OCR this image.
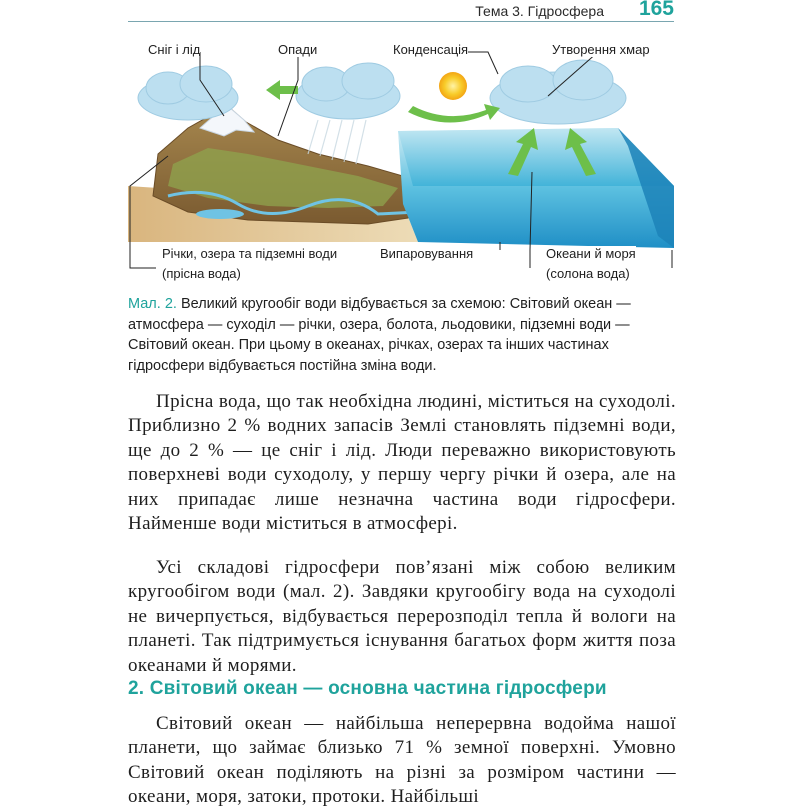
Тема 3. Гідросфера 165
Сніг і лід	Опади	Конденсація	Утворення хмар
Річки, озера та підземні води
(прісна вода)
Випаровування	Океани й моря
(солона вода)
Мал. 2. Великий кругообіг води відбувається за схемою: Світовий океан — атмосфера — суходіл — річки, озера, болота, льодовики, підземні води — Світовий океан. При цьому в океанах, річках, озерах та інших частинах гідросфери відбувається постійна зміна води.

Прісна вода, що так необхідна людині, міститься на суходолі. Приблизно 2 % водних запасів Землі становлять підземні води, ще до 2 % — це сніг і лід. Люди переважно використовують поверхневі води суходолу, у першу чергу річки й озера, але на них припадає лише незначна частина води гідросфери. Найменше води міститься в атмосфері.

Усі складові гідросфери пов’язані між собою великим кругообігом води (мал. 2). Завдяки кругообігу вода на суходолі не вичерпується, відбувається перерозподіл тепла й вологи на планеті. Так підтримується існування багатьох форм життя поза океанами й морями.

2. Світовий океан — основна частина гідросфери

Світовий океан — найбільша неперервна водойма нашої планети, що займає близько 71 % земної поверхні. Умовно Світовий океан поділяють на різні за розміром частини — океани, моря, затоки, протоки. Найбільші
